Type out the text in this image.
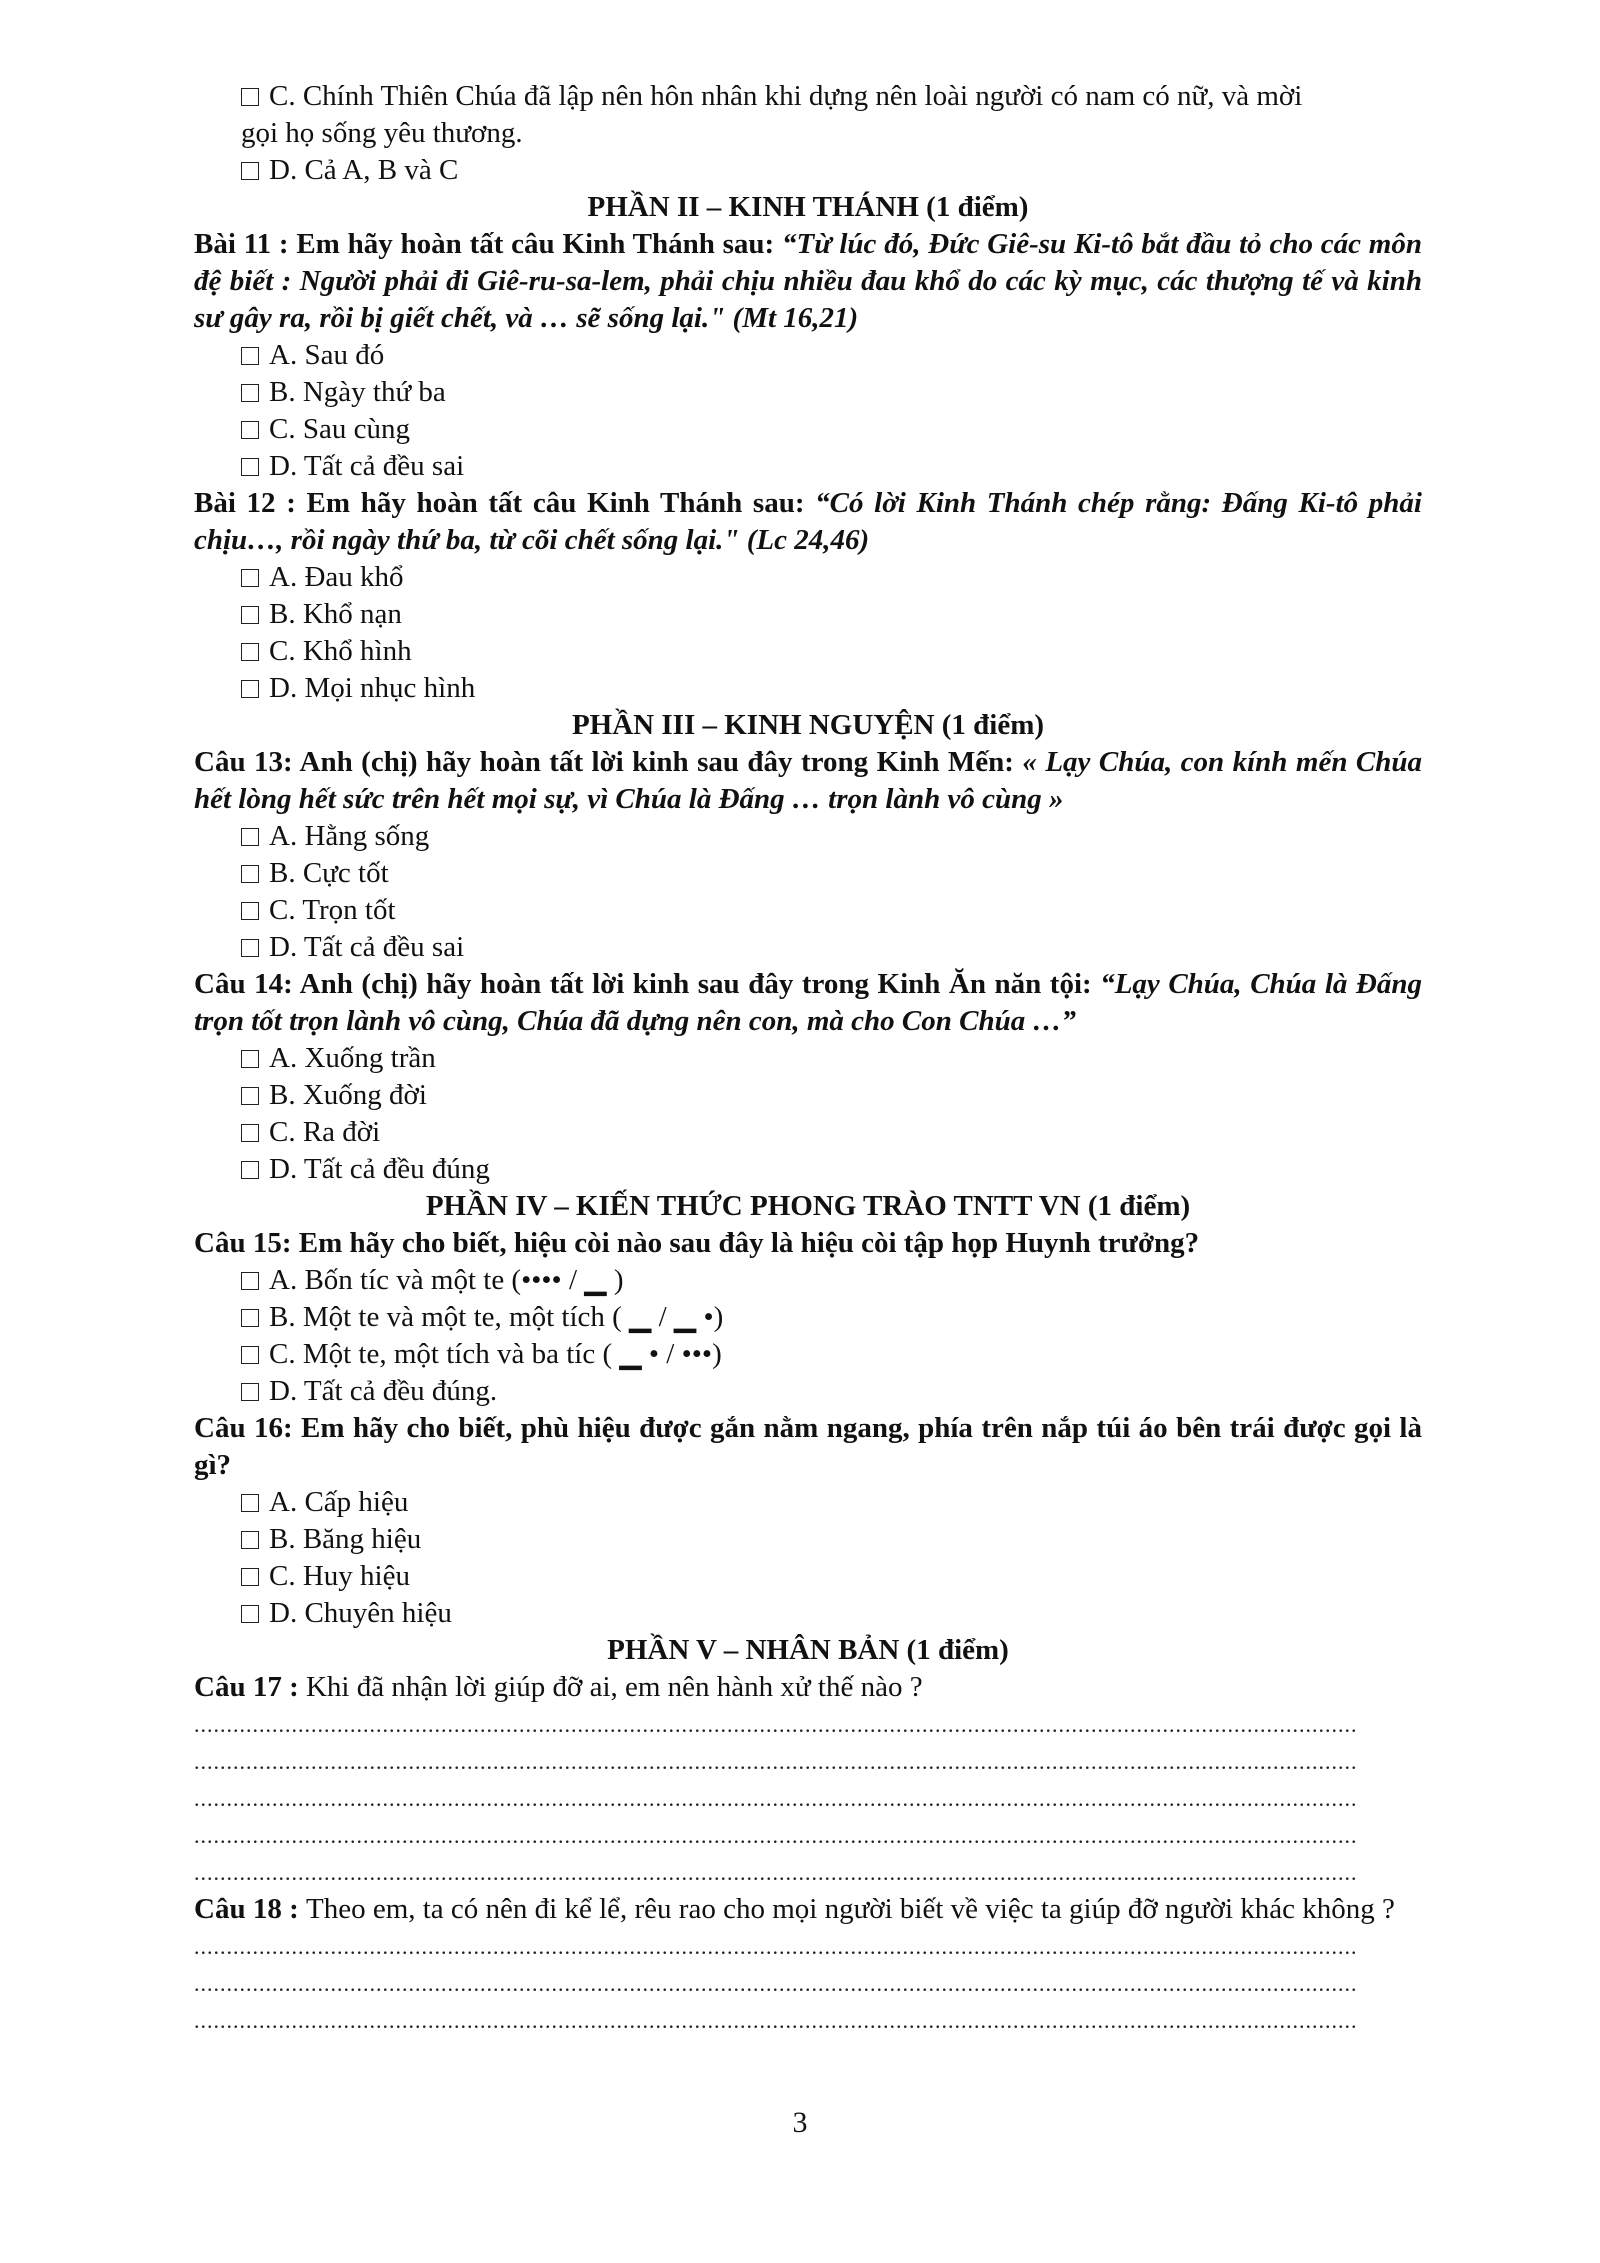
C. Chính Thiên Chúa đã lập nên hôn nhân khi dựng nên loài người có nam có nữ, và mời
gọi họ sống yêu thương.
D. Cả A, B và C
PHẦN II – KINH THÁNH (1 điểm)
Bài 11 : Em hãy hoàn tất câu Kinh Thánh sau: “Từ lúc đó, Đức Giê-su Ki-tô bắt đầu tỏ cho các môn đệ biết : Người phải đi Giê-ru-sa-lem, phải chịu nhiều đau khổ do các kỳ mục, các thượng tế và kinh sư gây ra, rồi bị giết chết, và … sẽ sống lại." (Mt 16,21)
A. Sau đó
B. Ngày thứ ba
C. Sau cùng
D. Tất cả đều sai
Bài 12 : Em hãy hoàn tất câu Kinh Thánh sau: “Có lời Kinh Thánh chép rằng: Đấng Ki-tô phải chịu…, rồi ngày thứ ba, từ cõi chết sống lại." (Lc 24,46)
A. Đau khổ
B. Khổ nạn
C. Khổ hình
D. Mọi nhục hình
PHẦN III – KINH NGUYỆN (1 điểm)
Câu 13: Anh (chị) hãy hoàn tất lời kinh sau đây trong Kinh Mến: « Lạy Chúa, con kính mến Chúa hết lòng hết sức trên hết mọi sự, vì Chúa là Đấng … trọn lành vô cùng »
A. Hằng sống
B. Cực tốt
C. Trọn tốt
D. Tất cả đều sai
Câu 14: Anh (chị) hãy hoàn tất lời kinh sau đây trong Kinh Ăn năn tội: “Lạy Chúa, Chúa là Đấng trọn tốt trọn lành vô cùng, Chúa đã dựng nên con, mà cho Con Chúa …”
A. Xuống trần
B. Xuống đời
C. Ra đời
D. Tất cả đều đúng
PHẦN IV – KIẾN THỨC PHONG TRÀO TNTT VN (1 điểm)
Câu 15: Em hãy cho biết, hiệu còi nào sau đây là hiệu còi tập họp Huynh trưởng?
A. Bốn tíc và một te (•••• / ▁ )
B. Một te và một te, một tích ( ▁ / ▁ •)
C. Một te, một tích và ba tíc ( ▁ • / •••)
D. Tất cả đều đúng.
Câu 16: Em hãy cho biết, phù hiệu được gắn nằm ngang, phía trên nắp túi áo bên trái được gọi là gì?
A. Cấp hiệu
B. Băng hiệu
C. Huy hiệu
D. Chuyên hiệu
PHẦN V – NHÂN BẢN (1 điểm)
Câu 17 : Khi đã nhận lời giúp đỡ ai, em nên hành xử thế nào ?
...................................................................................................................................................................................
...................................................................................................................................................................................
...................................................................................................................................................................................
...................................................................................................................................................................................
...................................................................................................................................................................................
Câu 18 : Theo em, ta có nên đi kể lể, rêu rao cho mọi người biết về việc ta giúp đỡ người khác không ?
...................................................................................................................................................................................
...................................................................................................................................................................................
...................................................................................................................................................................................
3
